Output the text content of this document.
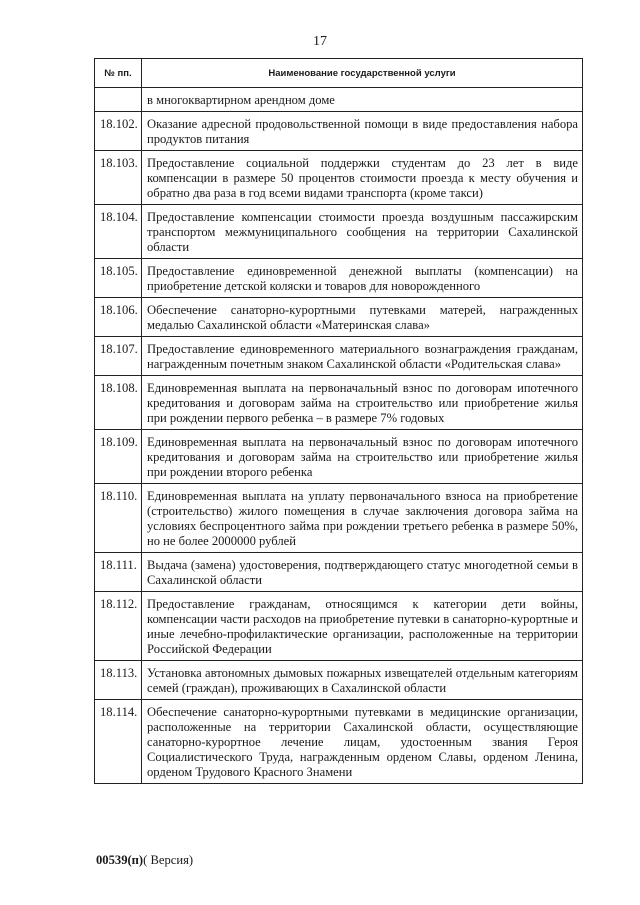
17
№ пп.	Наименование государственной услуги
	в многоквартирном арендном доме
18.102.	Оказание адресной продовольственной помощи в виде предоставления набора продуктов питания
18.103.	Предоставление социальной поддержки студентам до 23 лет в виде компенсации в размере 50 процентов стоимости проезда к месту обучения и обратно два раза в год всеми видами транспорта (кроме такси)
18.104.	Предоставление компенсации стоимости проезда воздушным пассажирским транспортом межмуниципального сообщения на территории Сахалинской области
18.105.	Предоставление единовременной денежной выплаты (компенсации) на приобретение детской коляски и товаров для новорожденного
18.106.	Обеспечение санаторно-курортными путевками матерей, награжденных медалью Сахалинской области «Материнская слава»
18.107.	Предоставление единовременного материального вознаграждения гражданам, награжденным почетным знаком Сахалинской области «Родительская слава»
18.108.	Единовременная выплата на первоначальный взнос по договорам ипотечного кредитования и договорам займа на строительство или приобретение жилья при рождении первого ребенка – в размере 7% годовых
18.109.	Единовременная выплата на первоначальный взнос по договорам ипотечного кредитования и договорам займа на строительство или приобретение жилья при рождении второго ребенка
18.110.	Единовременная выплата на уплату первоначального взноса на приобретение (строительство) жилого помещения в случае заключения договора займа на условиях беспроцентного займа при рождении третьего ребенка в размере 50%, но не более 2000000 рублей
18.111.	Выдача (замена) удостоверения, подтверждающего статус многодетной семьи в Сахалинской области
18.112.	Предоставление гражданам, относящимся к категории дети войны, компенсации части расходов на приобретение путевки в санаторно-курортные и иные лечебно-профилактические организации, расположенные на территории Российской Федерации
18.113.	Установка автономных дымовых пожарных извещателей отдельным категориям семей (граждан), проживающих в Сахалинской области
18.114.	Обеспечение санаторно-курортными путевками в медицинские организации, расположенные на территории Сахалинской области, осуществляющие санаторно-курортное лечение лицам, удостоенным звания Героя Социалистического Труда, награжденным орденом Славы, орденом Ленина, орденом Трудового Красного Знамени
00539(п)( Версия)
